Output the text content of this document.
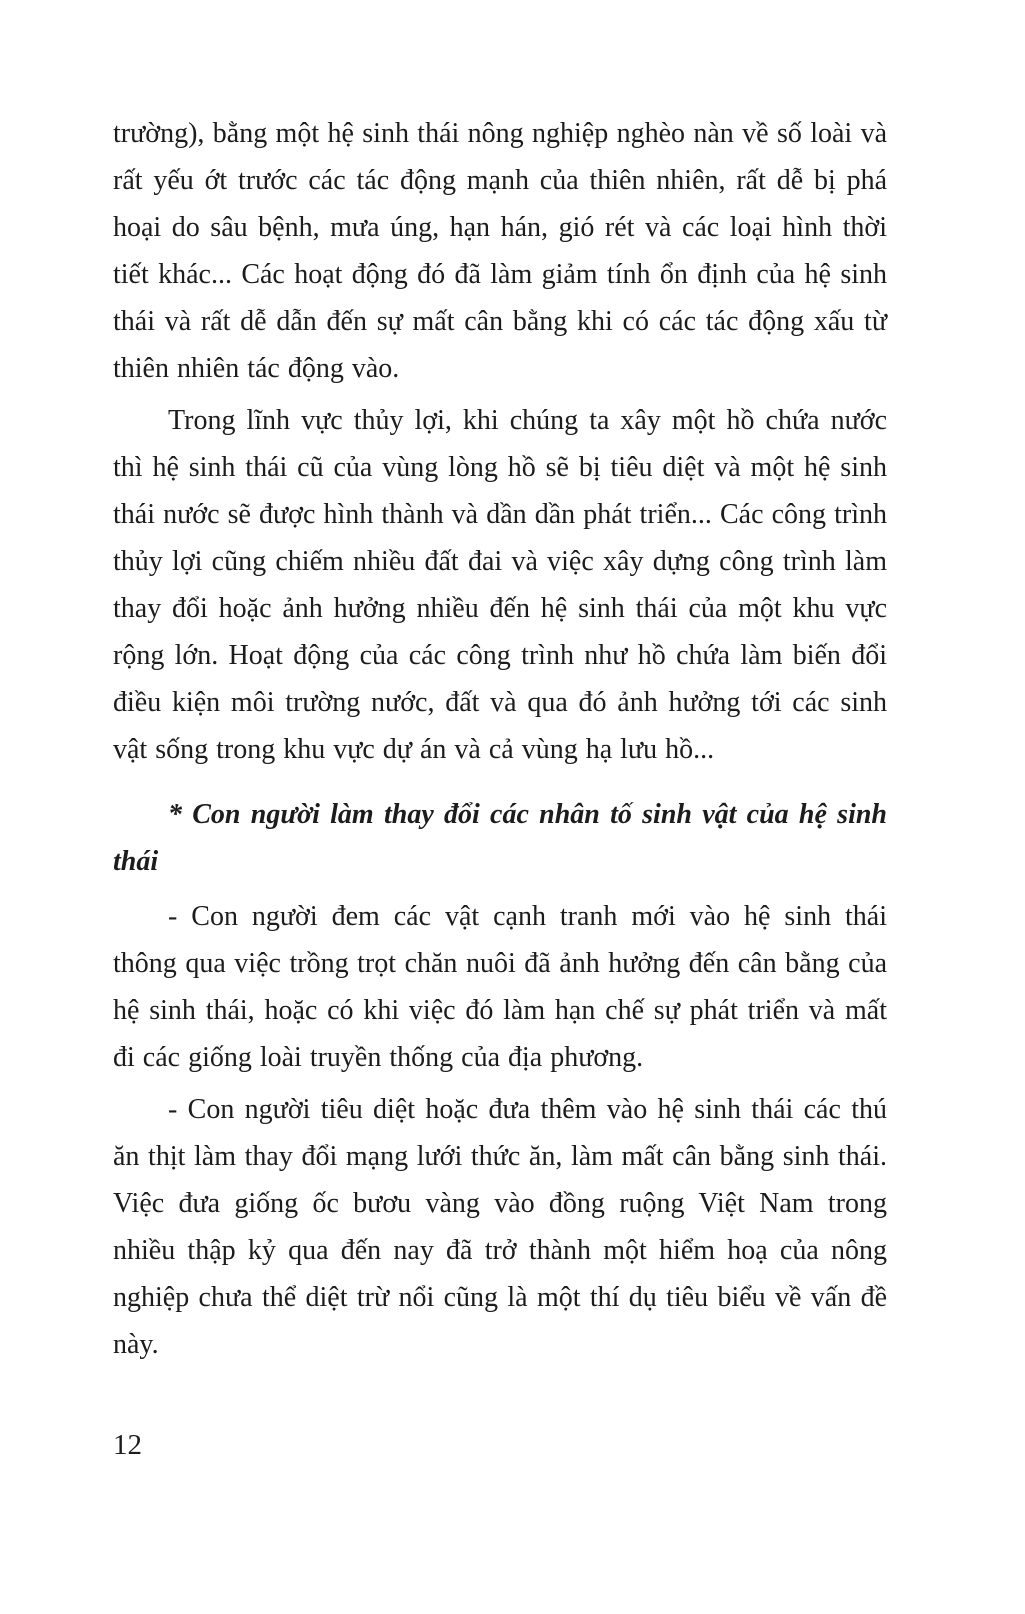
trường), bằng một hệ sinh thái nông nghiệp nghèo nàn về số loài và rất yếu ớt trước các tác động mạnh của thiên nhiên, rất dễ bị phá hoại do sâu bệnh, mưa úng, hạn hán, gió rét và các loại hình thời tiết khác... Các hoạt động đó đã làm giảm tính ổn định của hệ sinh thái và rất dễ dẫn đến sự mất cân bằng khi có các tác động xấu từ thiên nhiên tác động vào.

Trong lĩnh vực thủy lợi, khi chúng ta xây một hồ chứa nước thì hệ sinh thái cũ của vùng lòng hồ sẽ bị tiêu diệt và một hệ sinh thái nước sẽ được hình thành và dần dần phát triển... Các công trình thủy lợi cũng chiếm nhiều đất đai và việc xây dựng công trình làm thay đổi hoặc ảnh hưởng nhiều đến hệ sinh thái của một khu vực rộng lớn. Hoạt động của các công trình như hồ chứa làm biến đổi điều kiện môi trường nước, đất và qua đó ảnh hưởng tới các sinh vật sống trong khu vực dự án và cả vùng hạ lưu hồ...

* Con người làm thay đổi các nhân tố sinh vật của hệ sinh thái

- Con người đem các vật cạnh tranh mới vào hệ sinh thái thông qua việc trồng trọt chăn nuôi đã ảnh hưởng đến cân bằng của hệ sinh thái, hoặc có khi việc đó làm hạn chế sự phát triển và mất đi các giống loài truyền thống của địa phương.

- Con người tiêu diệt hoặc đưa thêm vào hệ sinh thái các thú ăn thịt làm thay đổi mạng lưới thức ăn, làm mất cân bằng sinh thái. Việc đưa giống ốc bươu vàng vào đồng ruộng Việt Nam trong nhiều thập kỷ qua đến nay đã trở thành một hiểm hoạ của nông nghiệp chưa thể diệt trừ nổi cũng là một thí dụ tiêu biểu về vấn đề này.

12
